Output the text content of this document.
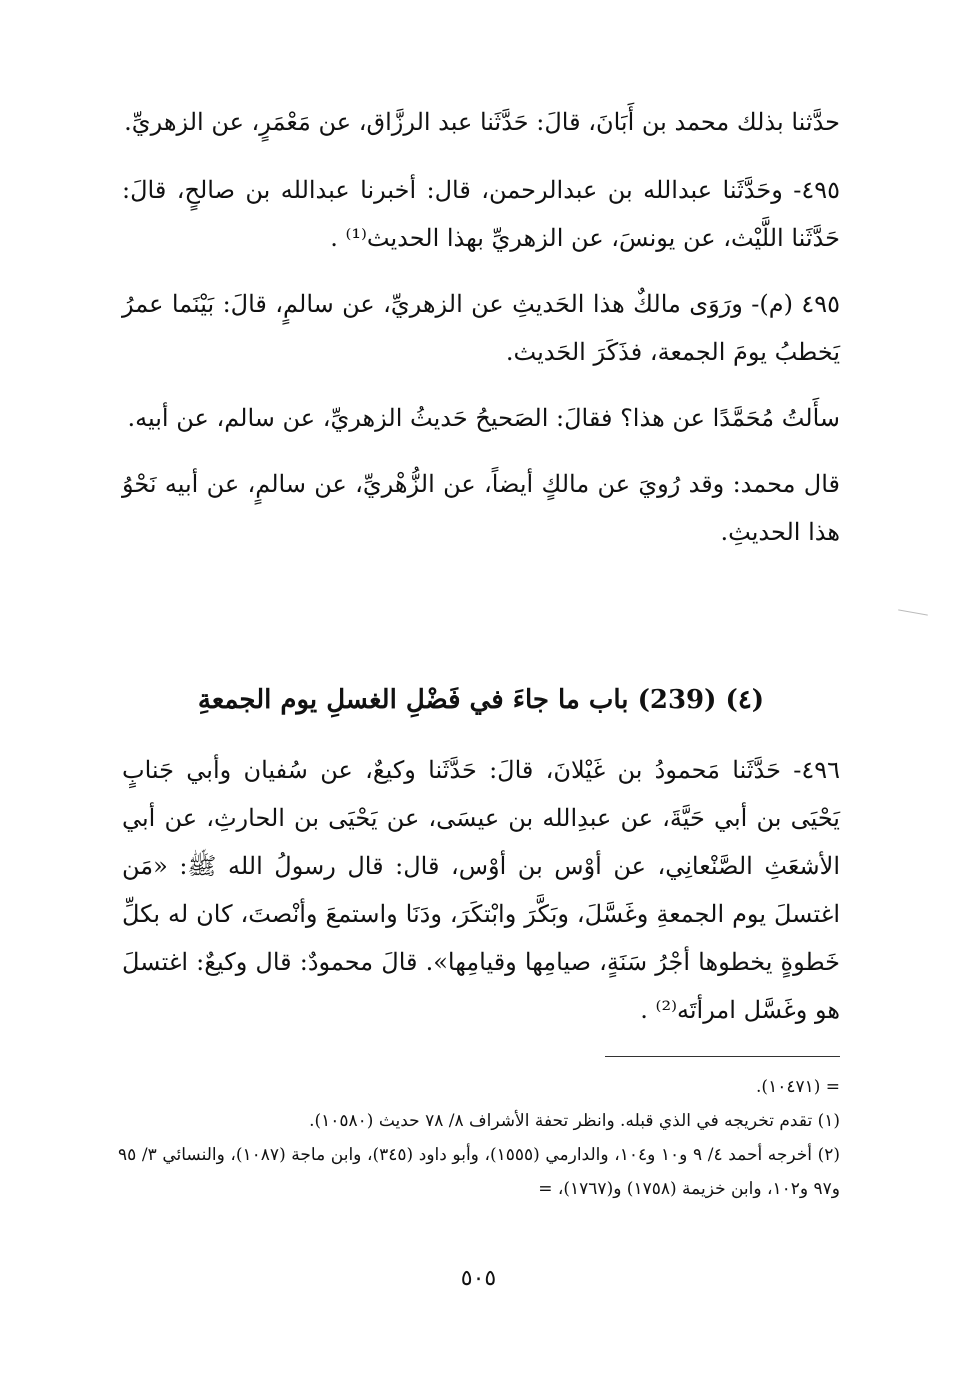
حدَّثنا بذلك محمد بن أَبَانَ، قالَ: حَدَّثَنا عبد الرزَّاق، عن مَعْمَرٍ، عن الزهريِّ.

٤٩٥- وحَدَّثَنا عبدالله بن عبدالرحمن، قال: أخبرنا عبدالله بن صالحٍ، قالَ: حَدَّثَنا اللَّيْث، عن يونسَ، عن الزهريِّ بهذا الحديث⁽¹⁾ .

٤٩٥ (م)- ورَوَى مالكٌ هذا الحَديثِ عن الزهريِّ، عن سالمٍ، قالَ: بَيْنَما عمرُ يَخطبُ يومَ الجمعة، فذَكَرَ الحَديث.

سأَلتُ مُحَمَّدًا عن هذا؟ فقالَ: الصَحيحُ حَديثُ الزهريِّ، عن سالم، عن أبيه.

قال محمد: وقد رُويَ عن مالكٍ أيضاً، عن الزُّهْريِّ، عن سالمٍ، عن أبيه نَحْوُ هذا الحديثِ.

(٤) (239) باب ما جاءَ في فَضْلِ الغسلِ يوم الجمعةِ

٤٩٦- حَدَّثَنا مَحمودُ بن غَيْلانَ، قالَ: حَدَّثَنا وكيعٌ، عن سُفيان وأبي جَنابٍ يَحْيَى بن أبي حَيَّةَ، عن عبدِالله بن عيسَى، عن يَحْيَى بن الحارثِ، عن أبي الأشعَثِ الصَّنْعانِي، عن أوْس بن أوْس، قال: قال رسولُ الله ﷺ: «مَن اغتسلَ يوم الجمعةِ وغَسَّلَ، وبَكَّرَ وابْتكَرَ، ودَنَا واستمعَ وأنْصتَ، كان له بكلِّ خَطوةٍ يخطوها أجْرُ سَنَةٍ، صيامِها وقيامِها». قالَ محمودٌ: قال وكيعٌ: اغتسلَ هو وغَسَّل امرأتَه⁽²⁾ .

= (١٠٤٧١).

(١) تقدم تخريجه في الذي قبله. وانظر تحفة الأشراف ٨/ ٧٨ حديث (١٠٥٨٠).

(٢) أخرجه أحمد ٤/ ٩ و١٠ و١٠٤، والدارمي (١٥٥٥)، وأبو داود (٣٤٥)، وابن ماجة (١٠٨٧)، والنسائي ٣/ ٩٥ و٩٧ و١٠٢، وابن خزيمة (١٧٥٨) و(١٧٦٧)، =

٥٠٥
